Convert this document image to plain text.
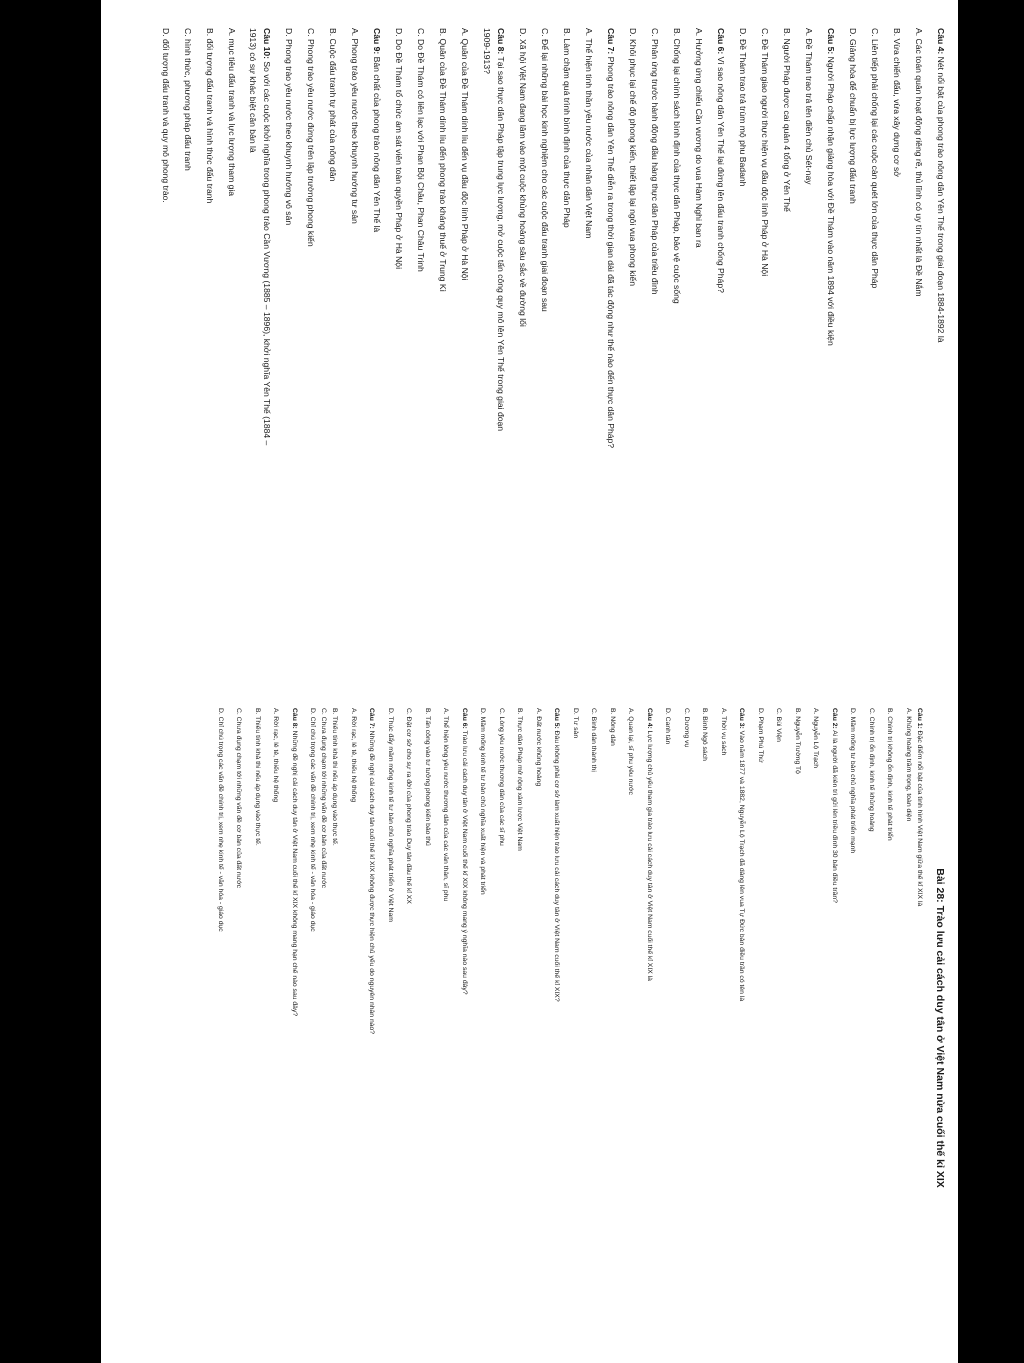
Câu 4: Nét nổi bật của phong trào nông dân Yên Thế trong giai đoạn 1884-1892 là
A. Các toán quân hoạt động riêng rẽ, thủ lĩnh có uy tín nhất là Đề Nắm
B. Vừa chiến đấu, vừa xây dựng cơ sở
C. Liên tiếp phải chống lại các cuộc càn quét lớn của thực dân Pháp
D. Giảng hòa để chuẩn bị lực lượng đấu tranh
Câu 5: Người Pháp chấp nhận giảng hòa với Đề Thám vào năm 1894 với điều kiện
A. Đề Thám trao trả tên điền chủ Sét-nay
B. Người Pháp được cai quản 4 tổng ở Yên Thế
C. Đề Thám giao người thực hiện vụ đầu độc lính Pháp ở Hà Nội
D. Đề Thám trao trả trùm mộ phu Badanh
Câu 6: Vì sao nông dân Yên Thế lại đứng lên đấu tranh chống Pháp?
A. Hưởng ứng chiếu Cần vương do vua Hàm Nghi ban ra
B. Chống lại chính sách bình định của thực dân Pháp, bảo vệ cuộc sống
C. Phản ứng trước hành động đầu hàng thực dân Pháp của triều đình
D. Khôi phục lại chế độ phong kiến, thiết lập lại ngôi vua phong kiến
Câu 7: Phong trào nông dân Yên Thế diễn ra trong thời gian dài đã tác động như thế nào đến thực dân Pháp?
A. Thể hiện tinh thần yêu nước của nhân dân Việt Nam
B. Làm chậm quá trình bình định của thực dân Pháp
C. Để lại những bài học kinh nghiệm cho các cuộc đấu tranh giai đoạn sau
D. Xã hội Việt Nam đang lâm vào một cuộc khủng hoảng sâu sắc về đường lối
Câu 8: Tại sao thực dân Pháp tập trung lực lượng, mở cuộc tấn công quy mô lên Yên Thế trong giai đoạn
1909-1913?
A. Quân của Đề Thám dính líu đến vụ đầu độc lính Pháp ở Hà Nội
B. Quân của Đề Thám dính líu đến phong trào kháng thuế ở Trung Kì
C. Do Đề Thám có liên lạc với Phan Bội Châu, Phan Châu Trinh
D. Do Đề Thám tổ chức ám sát viên toàn quyền Pháp ở Hà Nội
Câu 9: Bản chất của phong trào nông dân Yên Thế là
A. Phong trào yêu nước theo khuynh hướng tư sản
B. Cuộc đấu tranh tự phát của nông dân
C. Phong trào yêu nước đứng trên lập trường phong kiến
D. Phong trào yêu nước theo khuynh hướng vô sản
Câu 10: So với các cuộc khởi nghĩa trong phong trào Cần Vương (1885 – 1896), khởi nghĩa Yên Thế (1884 –
1913) có sự khác biệt căn bản là
A. mục tiêu đấu tranh và lực lượng tham gia
B. đối tượng đấu tranh và hình thức đấu tranh
C. hình thức, phương pháp đấu tranh
D. đối tượng đấu tranh và quy mô phong trào.
Bài 28: Trào lưu cải cách duy tân ở Việt Nam nửa cuối thế kỉ XIX
Câu 1: Đặc điểm nổi bật của tình hình Việt Nam giữa thế kỉ XIX là
A. Khủng hoảng trầm trọng, toàn diện
B. Chính trị không ổn định, kinh tế phát triển
C. Chính trị ổn định, kinh tế khủng hoảng
D. Mầm mống tư bản chủ nghĩa phát triển mạnh
Câu 2: Ai là người đã kiên trì gửi lên triều đình 30 bản điều trần?
A. Nguyễn Lộ Trạch
B. Nguyễn Trường Tộ
C. Bùi Viện
D. Phạm Phú Thứ
Câu 3: Vào năm 1877 và 1882, Nguyễn Lộ Trạch đã dâng lên vua Tự Đức bản điều trần có tên là
A. Thời vụ sách
B. Bình Ngô sách
C. Dương vụ
D. Canh tân
Câu 4: Lực lượng chủ yếu tham gia trào lưu cải cách duy tân ở Việt Nam cuối thế kỉ XIX là
A. Quan lại, sĩ phu yêu nước
B. Nông dân
C. Bình dân thành thị
D. Tư sản
Câu 5: Đâu không phải cơ sở làm xuất hiện trào lưu cải cách duy tân ở Việt Nam cuối thế kỉ XIX?
A. Đất nước khủng hoảng
B. Thực dân Pháp mở rộng xâm lược Việt Nam
C. Lòng yêu nước thương dân của các sĩ phu
D. Mầm mống kinh tế tư bản chủ nghĩa xuất hiện và phát triển
Câu 6: Trào lưu cải cách duy tân ở Việt Nam cuối thế kỉ XIX không mang ý nghĩa nào sau đây?
A. Thể hiện lòng yêu nước thương dân của các văn thân, sĩ phu
B. Tấn công vào tư tưởng phong kiến bảo thủ
C. Đặt cơ sở cho sự ra đời của phong trào Duy tân đầu thế kỉ XX
D. Thúc đẩy mầm mống kinh tế tư bản chủ nghĩa phát triển ở Việt Nam
Câu 7: Những đề nghị cải cách duy tân cuối thế kỉ XIX không được thực hiện chủ yếu do nguyên nhân nào?
A. Rời rạc, lẻ tẻ, thiếu hệ thống
B. Thiếu tính khả thi nếu áp dụng vào thực tế.
C. Chưa đụng chạm tới những vấn đề cơ bản của đất nước
D. Chỉ chú trọng các vấn đề chính trị, xem nhẹ kinh tế - văn hóa - giáo dục
Câu 8: Những đề nghị cải cách duy tân ở Việt Nam cuối thế kỉ XIX không mang hạn chế nào sau đây?
A. Rời rạc, lẻ tẻ, thiếu hệ thống
B. Thiếu tính khả thi nếu áp dụng vào thực tế.
C. Chưa đụng chạm tới những vấn đề cơ bản của đất nước
D. Chỉ chú trọng các vấn đề chính trị, xem nhẹ kinh tế - văn hóa - giáo dục
